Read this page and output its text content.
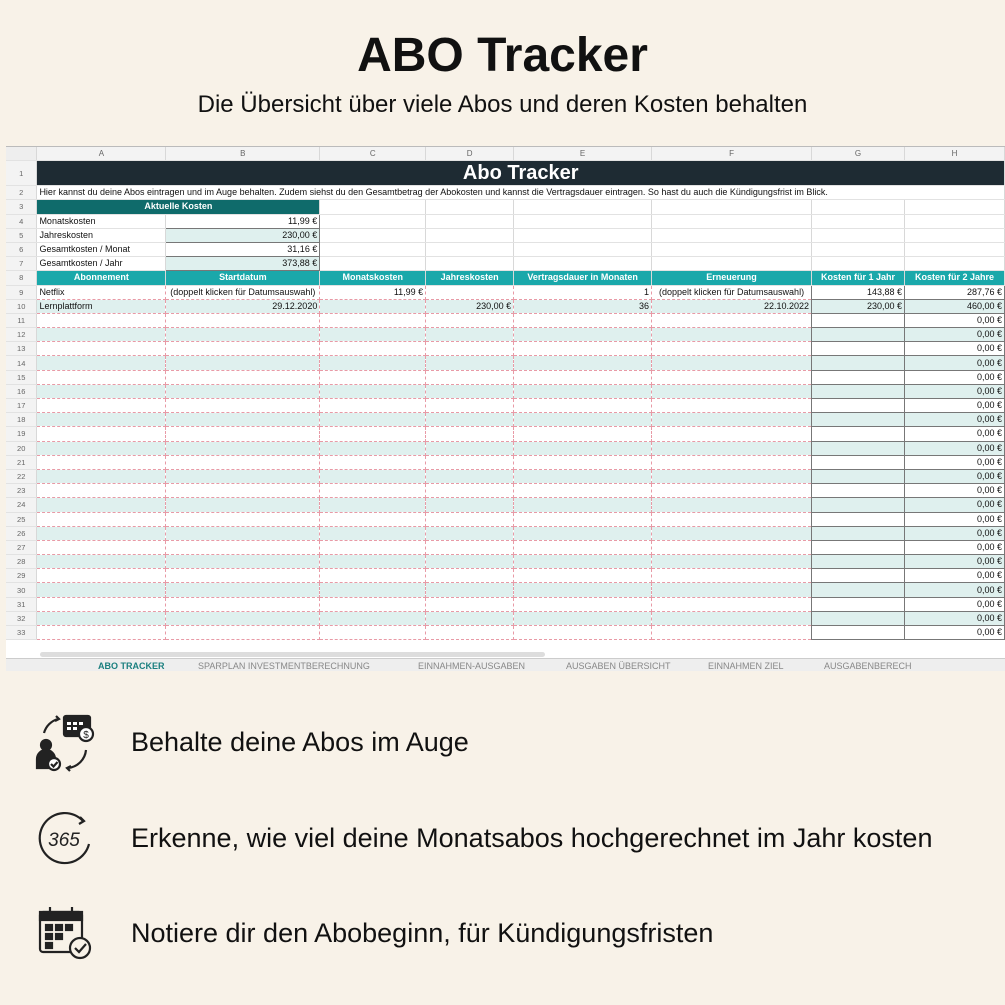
ABO Tracker
Die Übersicht über viele Abos und deren Kosten behalten
	A	B	C	D	E	F	G	H
1	Abo Tracker							
2	Hier kannst du deine Abos eintragen und im Auge behalten. Zudem siehst du den Gesamtbetrag der Abokosten und kannst die Vertragsdauer eintragen. So hast du auch die Kündigungsfrist im Blick.							
3	Aktuelle Kosten							
4	Monatskosten	11,99 €						
5	Jahreskosten	230,00 €						
6	Gesamtkosten / Monat	31,16 €						
7	Gesamtkosten / Jahr	373,88 €						
8	Abonnement	Startdatum	Monatskosten	Jahreskosten	Vertragsdauer in Monaten	Erneuerung	Kosten für 1 Jahr	Kosten für 2 Jahre
9	Netflix	(doppelt klicken für Datumsauswahl)	11,99 €		1	(doppelt klicken für Datumsauswahl)	143,88 €	287,76 €
10	Lernplattform	29.12.2020		230,00 €	36	22.10.2022	230,00 €	460,00 €
11								0,00 €
12								0,00 €
13								0,00 €
14								0,00 €
15								0,00 €
16								0,00 €
17								0,00 €
18								0,00 €
19								0,00 €
20								0,00 €
21								0,00 €
22								0,00 €
23								0,00 €
24								0,00 €
25								0,00 €
26								0,00 €
27								0,00 €
28								0,00 €
29								0,00 €
30								0,00 €
31								0,00 €
32								0,00 €
33								0,00 €
ABO TRACKER	SPARPLAN INVESTMENTBERECHNUNG	EINNAHMEN-AUSGABEN	AUSGABEN ÜBERSICHT	EINNAHMEN ZIEL	AUSGABENBERECH
$ Behalte deine Abos im Auge
365 Erkenne, wie viel deine Monatsabos hochgerechnet im Jahr kosten
Notiere dir den Abobeginn, für Kündigungsfristen
